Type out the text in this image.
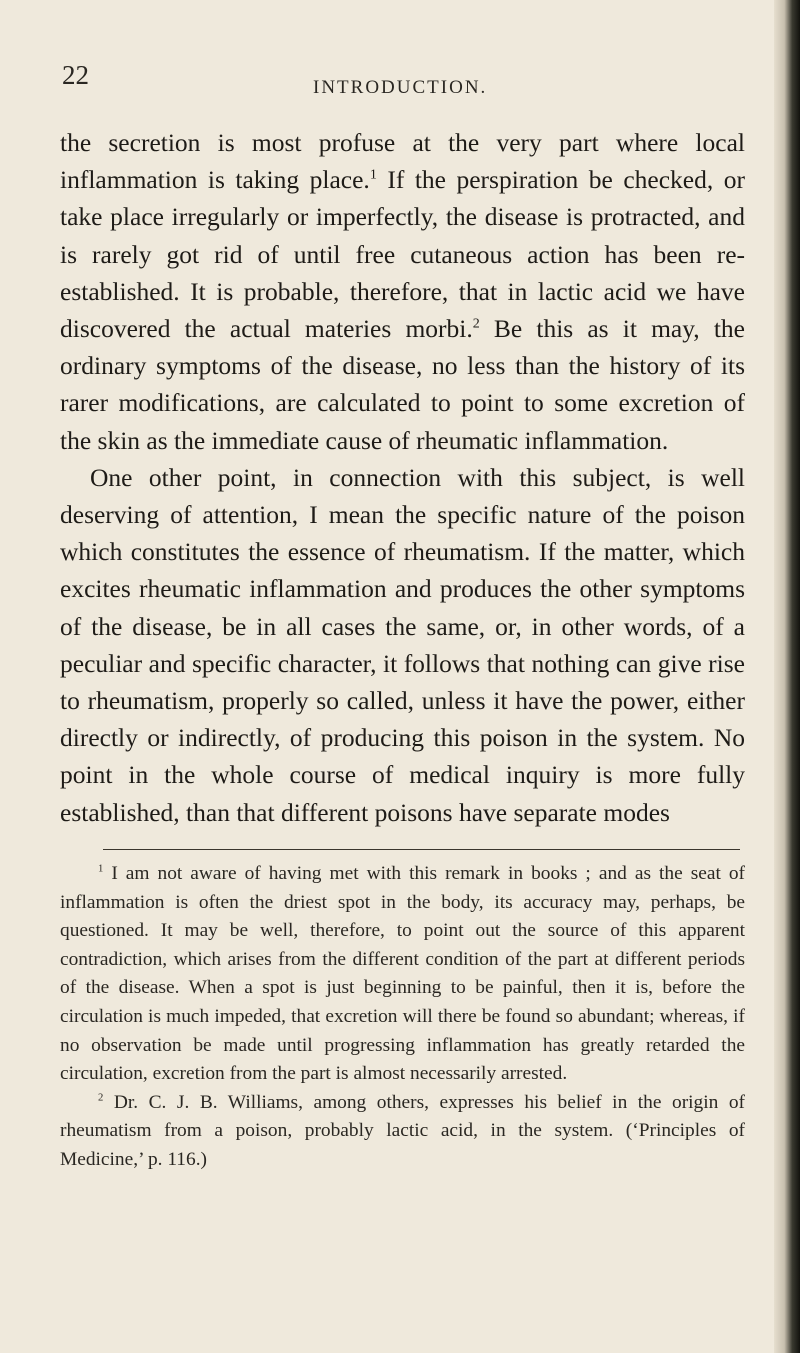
22	INTRODUCTION.

the secretion is most profuse at the very part where local inflammation is taking place.$^1$ If the perspiration be checked, or take place irregularly or imperfectly, the disease is protracted, and is rarely got rid of until free cutaneous action has been re-established. It is probable, therefore, that in lactic acid we have discovered the actual materies morbi.$^2$ Be this as it may, the ordinary symptoms of the disease, no less than the history of its rarer modifications, are calculated to point to some excretion of the skin as the immediate cause of rheumatic inflammation.

One other point, in connection with this subject, is well deserving of attention, I mean the specific nature of the poison which constitutes the essence of rheumatism. If the matter, which excites rheumatic inflammation and produces the other symptoms of the disease, be in all cases the same, or, in other words, of a peculiar and specific character, it follows that nothing can give rise to rheumatism, properly so called, unless it have the power, either directly or indirectly, of producing this poison in the system. No point in the whole course of medical inquiry is more fully established, than that different poisons have separate modes

$^1$ I am not aware of having met with this remark in books ; and as the seat of inflammation is often the driest spot in the body, its accuracy may, perhaps, be questioned. It may be well, therefore, to point out the source of this apparent contradiction, which arises from the different condition of the part at different periods of the disease. When a spot is just beginning to be painful, then it is, before the circulation is much impeded, that excretion will there be found so abundant; whereas, if no observation be made until progressing inflammation has greatly retarded the circulation, excretion from the part is almost necessarily arrested.

$^2$ Dr. C. J. B. Williams, among others, expresses his belief in the origin of rheumatism from a poison, probably lactic acid, in the system. (‘Principles of Medicine,’ p. 116.)
